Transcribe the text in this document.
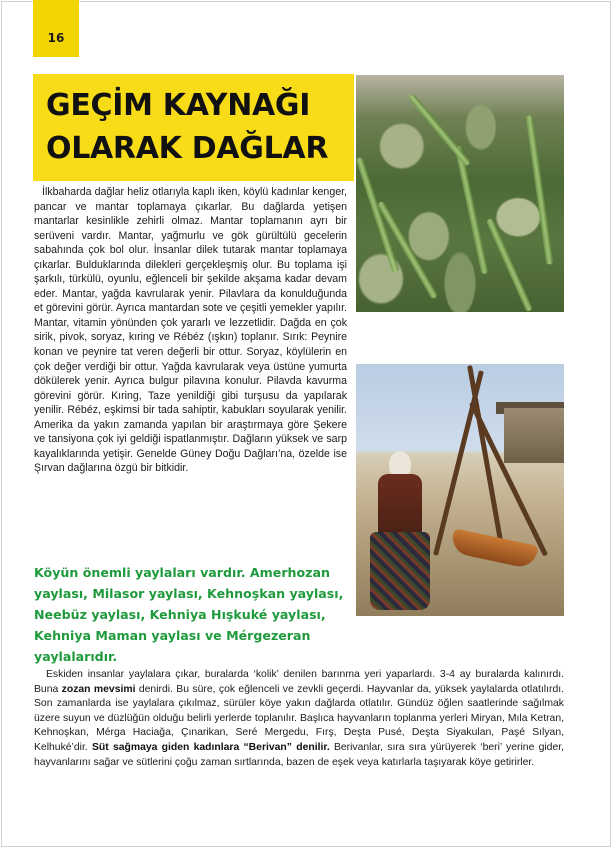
16
GEÇİM KAYNAĞI
OLARAK DAĞLAR
İlkbaharda dağlar heliz otlarıyla kaplı iken, köylü kadınlar kenger, pancar ve mantar toplamaya çıkarlar. Bu dağlarda yetişen mantarlar kesinlikle zehirli olmaz. Mantar toplamanın ayrı bir serüveni vardır. Mantar, yağmurlu ve gök gürültülü gecelerin sabahında çok bol olur. İnsanlar dilek tutarak mantar toplamaya çıkarlar. Bulduklarında dilekleri gerçekleşmiş olur. Bu toplama işi şarkılı, türkülü, oyunlu, eğlenceli bir şekilde akşama kadar devam eder. Mantar, yağda kavrularak yenir. Pilavlara da konulduğunda et görevini görür. Ayrıca mantardan sote ve çeşitli yemekler yapılır. Mantar, vitamin yönünden çok yararlı ve lezzetlidir. Dağda en çok sirik, pivok, soryaz, kıring ve Rébéz (ışkın) toplanır. Sırık: Peynire konan ve peynire tat veren değerli bir ottur. Soryaz, köylülerin en çok değer verdiği bir ottur. Yağda kavrularak veya üstüne yumurta dökülerek yenir. Ayrıca bulgur pilavına konulur. Pilavda kavurma görevini görür. Kıring, Taze yenildiği gibi turşusu da yapılarak yenilir. Rébéz, eşkimsi bir tada sahiptir, kabukları soyularak yenilir. Amerika da yakın zamanda yapılan bir araştırmaya göre Şekere ve tansiyona çok iyi geldiği ispatlanmıştır. Dağların yüksek ve sarp kayalıklarında yetişir. Genelde Güney Doğu Dağları’na, özelde ise Şırvan dağlarına özgü bir bitkidir.
Köyün önemli yaylaları vardır. Amerhozan yaylası, Milasor yaylası, Kehnoşkan yaylası, Neebüz yaylası, Kehniya Hışkuké yaylası, Kehniya Maman yaylası ve Mérgezeran yaylalarıdır.
Eskiden insanlar yaylalara çıkar, buralarda ‘kolik’ denilen barınma yeri yaparlardı. 3-4 ay buralarda kalınırdı. Buna zozan mevsimi denirdi. Bu süre, çok eğlenceli ve zevkli geçerdi. Hayvanlar da, yüksek yaylalarda otlatılırdı. Son zamanlarda ise yaylalara çıkılmaz, sürüler köye yakın dağlarda otlatılır. Gündüz öğlen saatlerinde sağılmak üzere suyun ve düzlüğün olduğu belirli yerlerde toplanılır. Başlıca hayvanların toplanma yerleri Miryan, Mıla Ketran, Kehnoşkan, Mérga Haciağa, Çınarikan, Seré Mergedu, Fırş, Deşta Pusé, Deşta Siyakulan, Paşé Sılyan, Kelhuké’dir. Süt sağmaya giden kadınlara “Berivan” denilir. Berivanlar, sıra sıra yürüyerek ‘beri’ yerine gider, hayvanlarını sağar ve sütlerini çoğu zaman sırtlarında, bazen de eşek veya katırlarla taşıyarak köye getirirler.
